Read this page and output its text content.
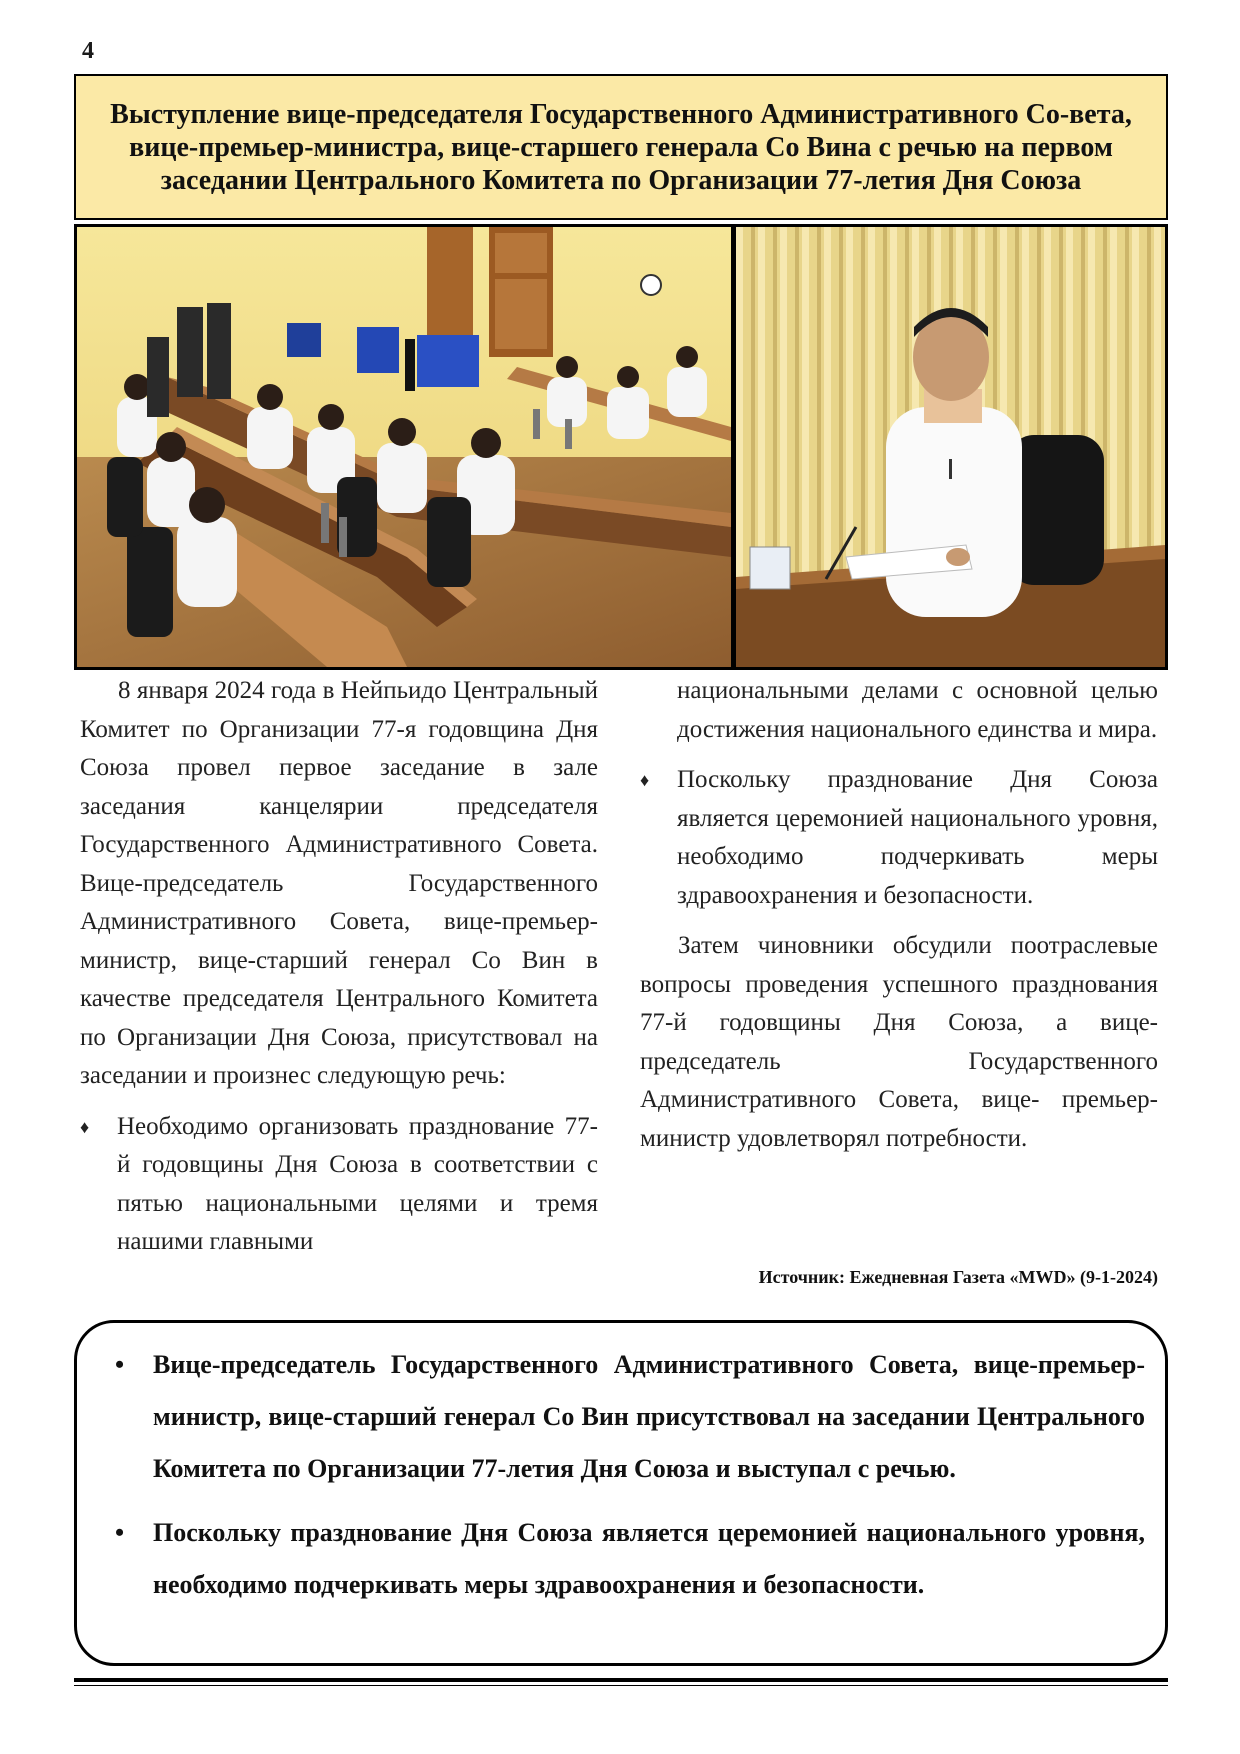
4
Выступление вице-председателя Государственного Административного Со-вета, вице-премьер-министра, вице-старшего генерала Со Вина с речью на первом заседании Центрального Комитета по Организации 77-летия Дня Союза

8 января 2024 года в Нейпьидо Центральный Комитет по Организации 77-я годовщина Дня Союза провел первое заседание в зале заседания канцелярии председателя Государственного Административного Совета. Вице-председатель Государственного Административного Совета, вице-премьер-министр, вице-старший генерал Со Вин в качестве председателя Центрального Комитета по Организации Дня Союза, присутствовал на заседании и произнес следующую речь:

♦ Необходимо организовать празднование 77-й годовщины Дня Союза в соответствии с пятью национальными целями и тремя нашими главными

национальными делами с основной целью достижения национального единства и мира.

♦ Поскольку празднование Дня Союза является церемонией национального уровня, необходимо подчеркивать меры здравоохранения и безопасности.

Затем чиновники обсудили поотраслевые вопросы проведения успешного празднования 77-й годовщины Дня Союза, а вице-председатель Государственного Административного Совета, вице- премьер-министр удовлетворял потребности.

Источник: Ежедневная Газета «MWD» (9-1-2024)
• Вице-председатель Государственного Административного Совета, вице-премьер-министр, вице-старший генерал Со Вин присутствовал на заседании Центрального Комитета по Организации 77-летия Дня Союза и выступал с речью.
• Поскольку празднование Дня Союза является церемонией национального уровня, необходимо подчеркивать меры здравоохранения и безопасности.
